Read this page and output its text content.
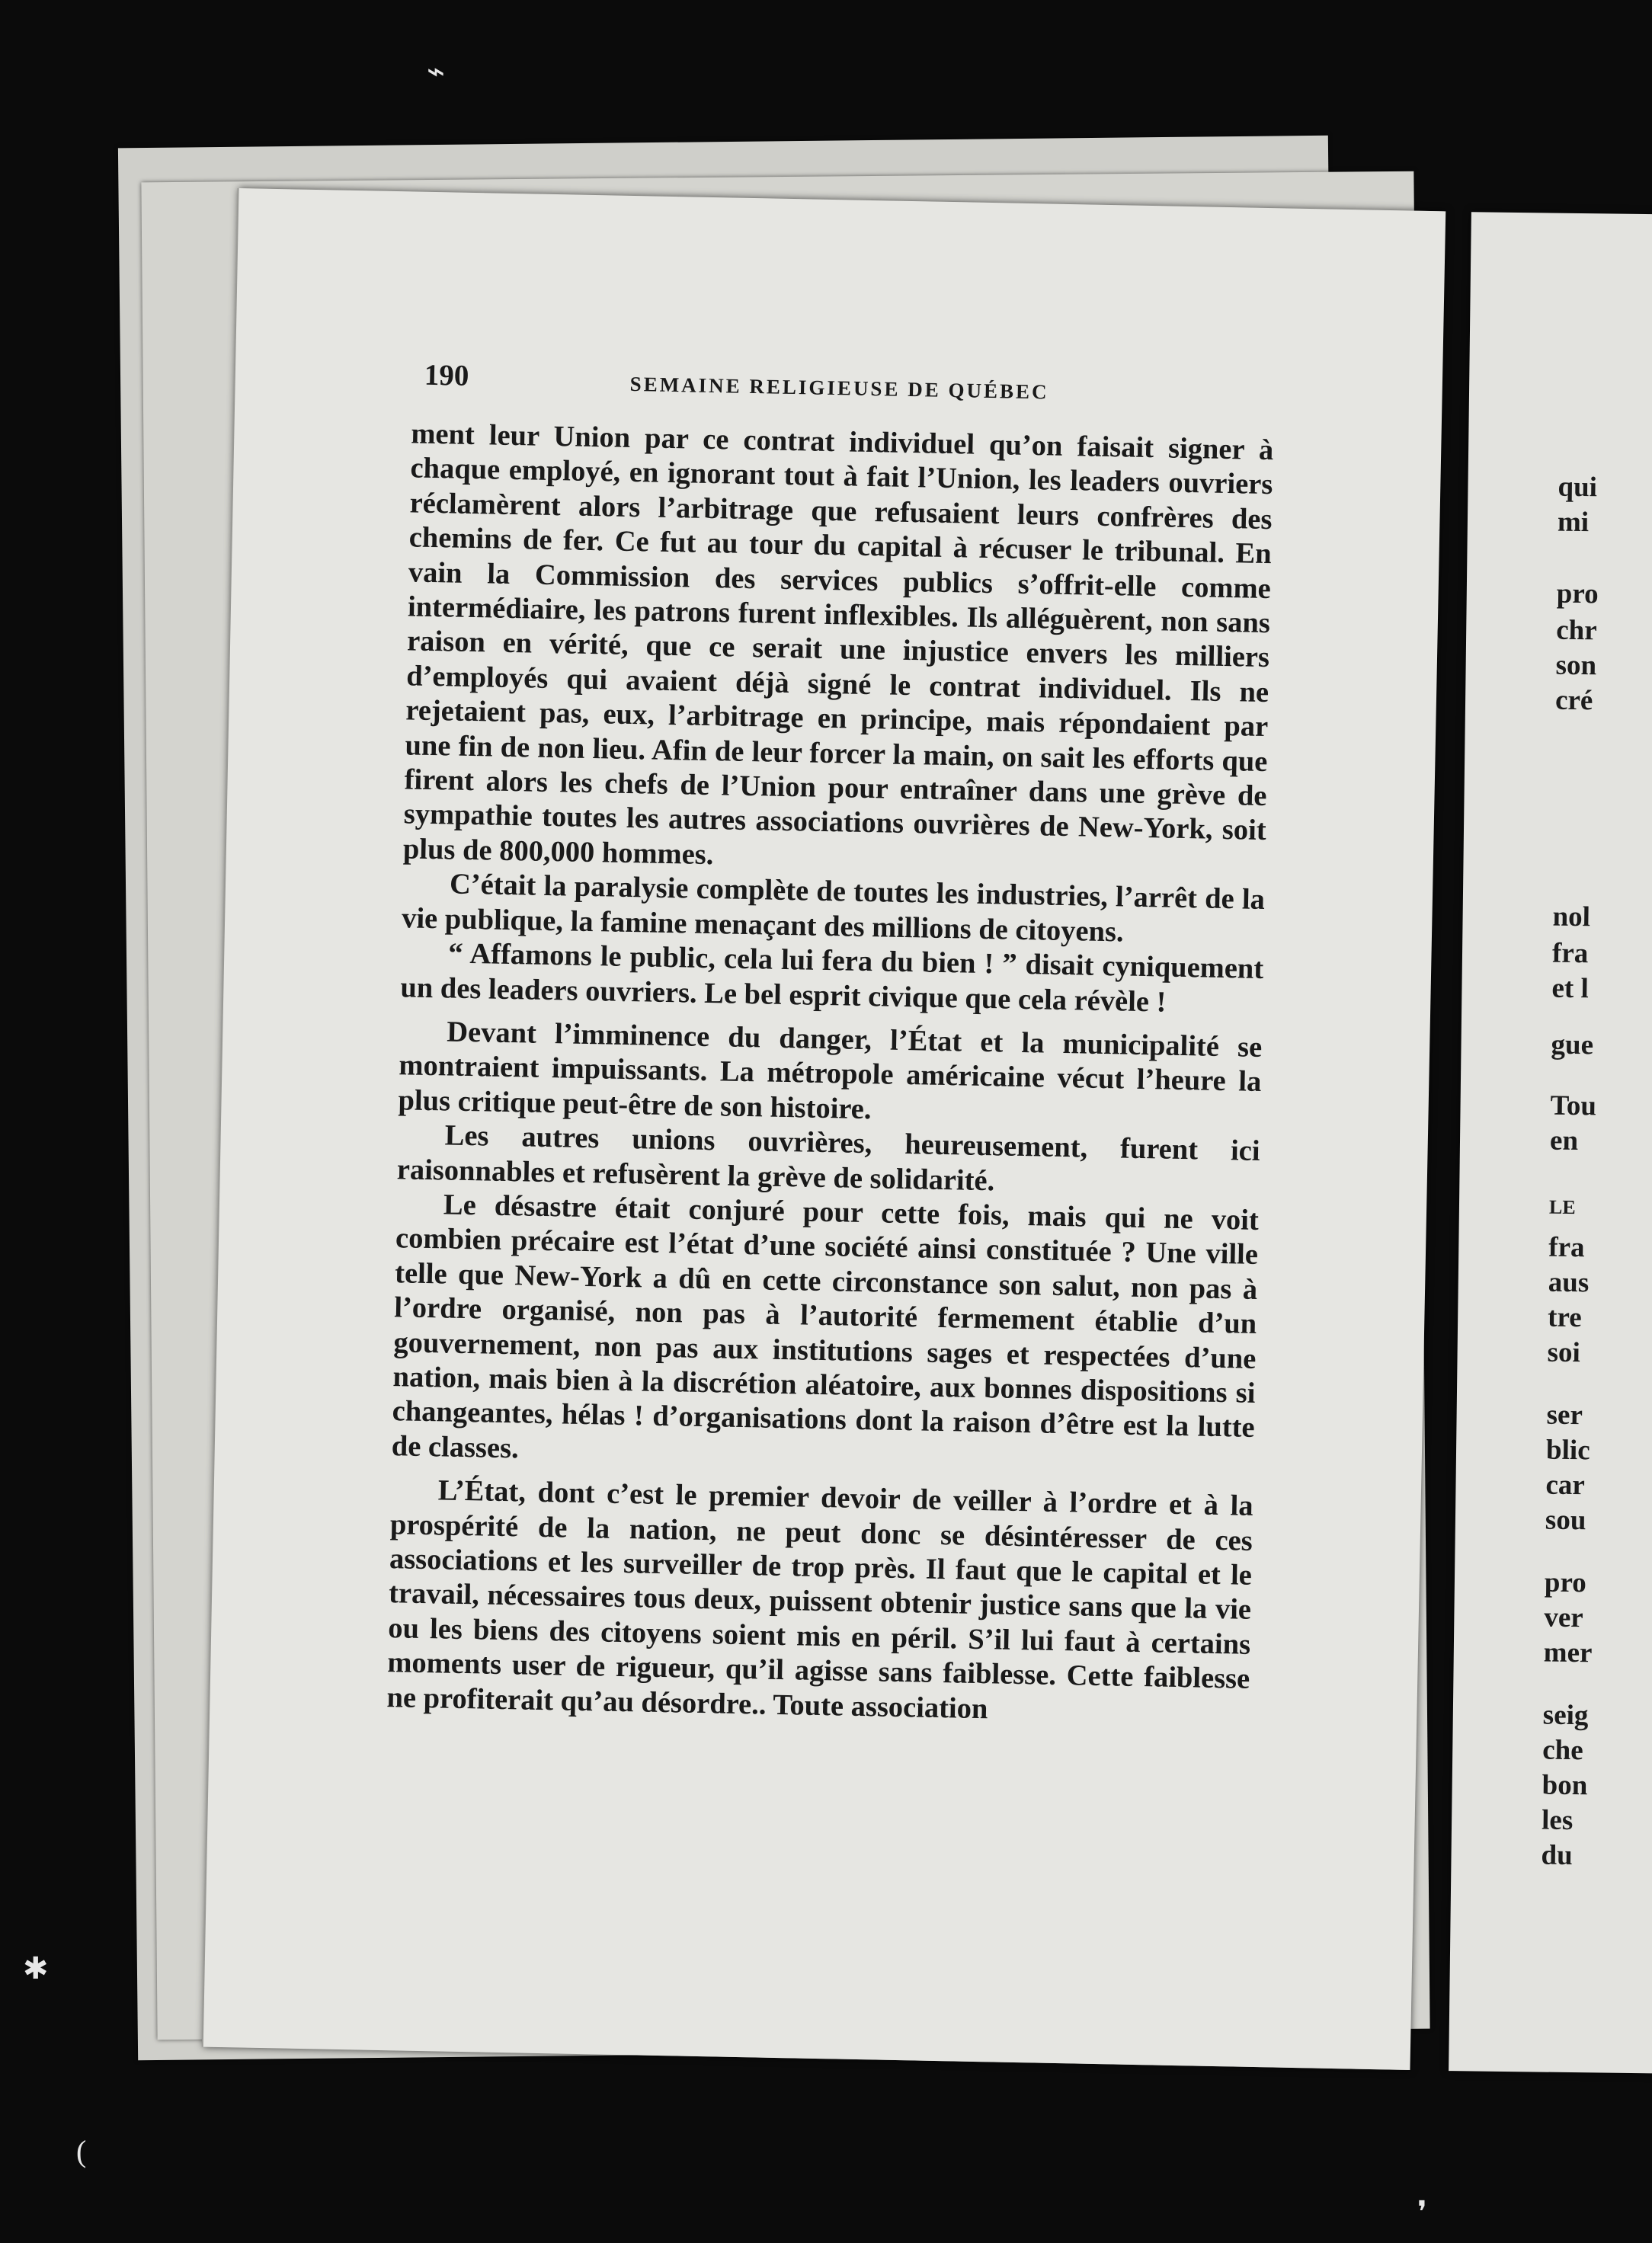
190	SEMAINE RELIGIEUSE DE QUÉBEC

ment leur Union par ce contrat individuel qu’on faisait signer à chaque employé, en ignorant tout à fait l’Union, les leaders ouvriers réclamèrent alors l’arbitrage que refusaient leurs confrères des chemins de fer. Ce fut au tour du capital à récuser le tribunal. En vain la Commission des services publics s’offrit-elle comme intermédiaire, les patrons furent inflexibles. Ils alléguèrent, non sans raison en vérité, que ce serait une injustice envers les milliers d’employés qui avaient déjà signé le contrat individuel. Ils ne rejetaient pas, eux, l’arbitrage en principe, mais répondaient par une fin de non lieu. Afin de leur forcer la main, on sait les efforts que firent alors les chefs de l’Union pour entraîner dans une grève de sympathie toutes les autres associations ouvrières de New-York, soit plus de 800,000 hommes.

C’était la paralysie complète de toutes les industries, l’arrêt de la vie publique, la famine menaçant des millions de citoyens.

“ Affamons le public, cela lui fera du bien ! ” disait cyniquement un des leaders ouvriers. Le bel esprit civique que cela révèle !

Devant l’imminence du danger, l’État et la municipalité se montraient impuissants. La métropole américaine vécut l’heure la plus critique peut-être de son histoire.

Les autres unions ouvrières, heureusement, furent ici raisonnables et refusèrent la grève de solidarité.

Le désastre était conjuré pour cette fois, mais qui ne voit combien précaire est l’état d’une société ainsi constituée ? Une ville telle que New-York a dû en cette circonstance son salut, non pas à l’ordre organisé, non pas à l’autorité fermement établie d’un gouvernement, non pas aux institutions sages et respectées d’une nation, mais bien à la discrétion aléatoire, aux bonnes dispositions si changeantes, hélas ! d’organisations dont la raison d’être est la lutte de classes.

L’État, dont c’est le premier devoir de veiller à l’ordre et à la prospérité de la nation, ne peut donc se désintéresser de ces associations et les surveiller de trop près. Il faut que le capital et le travail, nécessaires tous deux, puissent obtenir justice sans que la vie ou les biens des citoyens soient mis en péril. S’il lui faut à certains moments user de rigueur, qu’il agisse sans faiblesse. Cette faiblesse ne profiterait qu’au désordre.. Toute association

qui
mi
pro
chr
son
cré
nol
fra
et l
gue
Tou
en
LE
fra
aus
tre
soi
ser
blic
car
sou
pro
ver
mer
seig
che
bon
les
du
⌁
✱
(
❜
